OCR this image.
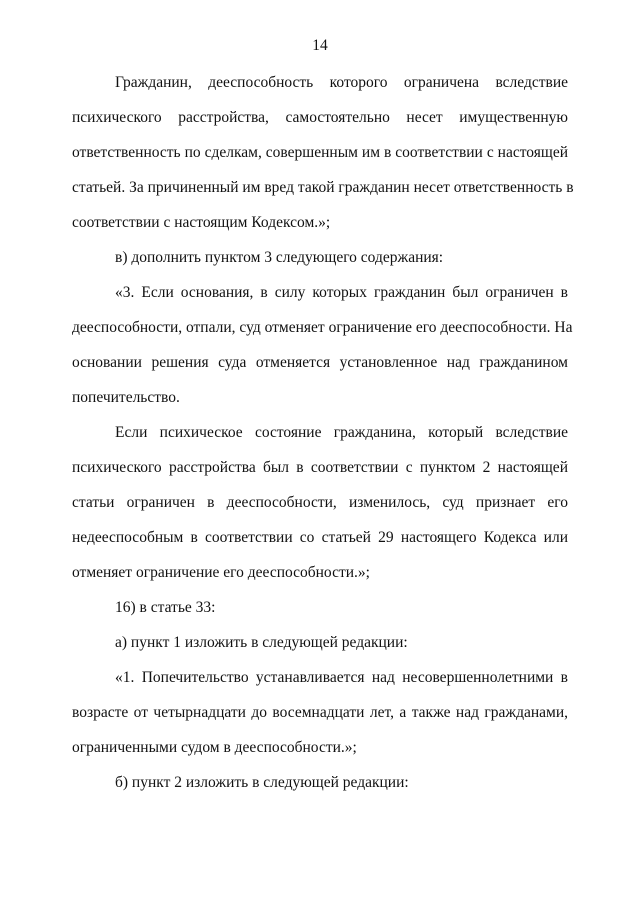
14
Гражданин, дееспособность которого ограничена вследствие
психического расстройства, самостоятельно несет имущественную
ответственность по сделкам, совершенным им в соответствии с настоящей
статьей. За причиненный им вред такой гражданин несет ответственность в
соответствии с настоящим Кодексом.»;
в) дополнить пунктом 3 следующего содержания:
«3. Если основания, в силу которых гражданин был ограничен в
дееспособности, отпали, суд отменяет ограничение его дееспособности. На
основании решения суда отменяется установленное над гражданином
попечительство.
Если психическое состояние гражданина, который вследствие
психического расстройства был в соответствии с пунктом 2 настоящей
статьи ограничен в дееспособности, изменилось, суд признает его
недееспособным в соответствии со статьей 29 настоящего Кодекса или
отменяет ограничение его дееспособности.»;
16) в статье 33:
а) пункт 1 изложить в следующей редакции:
«1. Попечительство устанавливается над несовершеннолетними в
возрасте от четырнадцати до восемнадцати лет, а также над гражданами,
ограниченными судом в дееспособности.»;
б) пункт 2 изложить в следующей редакции:
